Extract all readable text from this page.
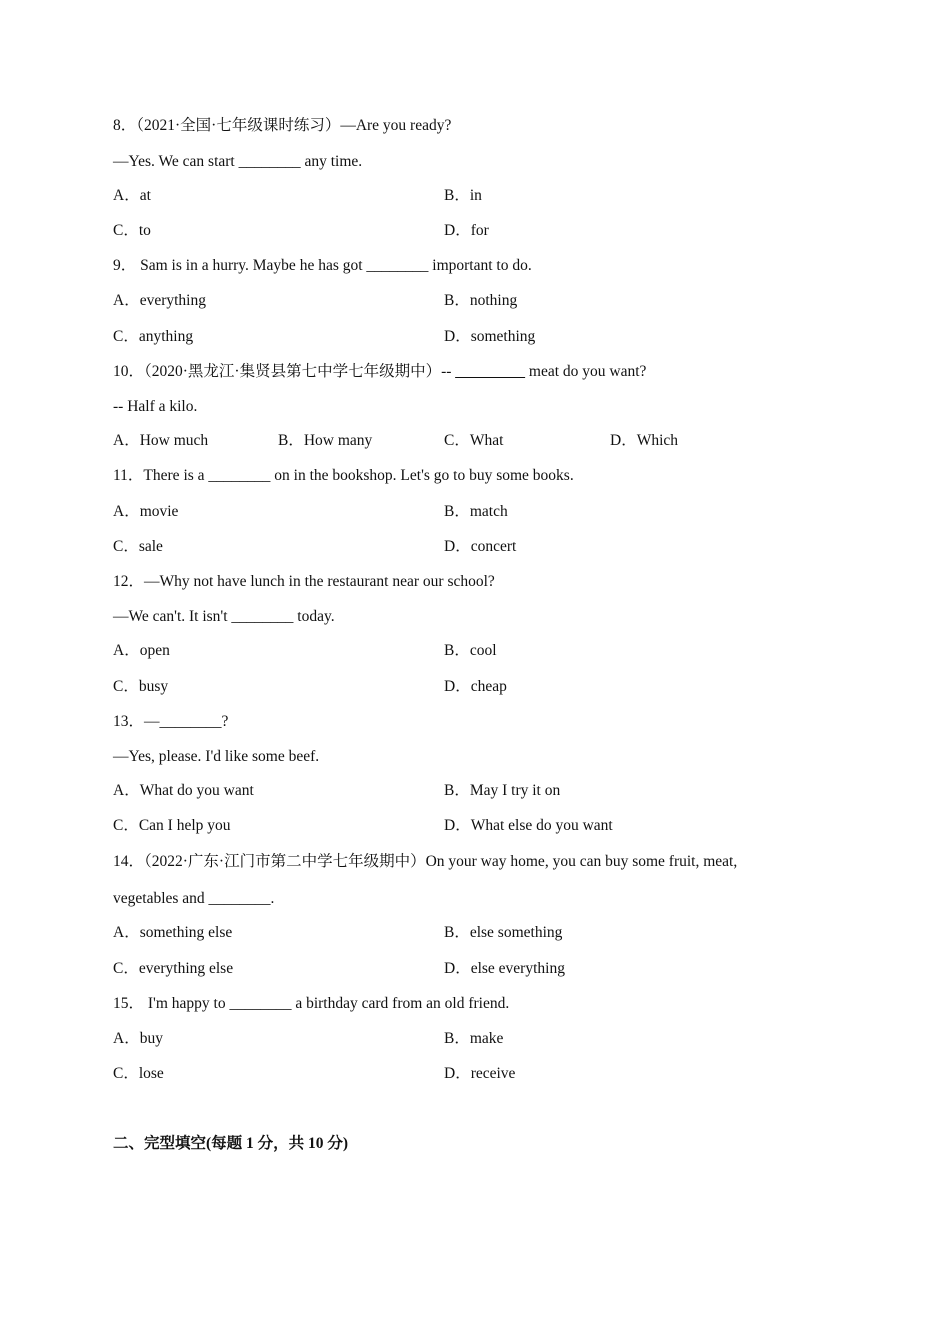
8．（2021·全国·七年级课时练习）—Are you ready?
—Yes. We can start ________ any time.
A．at	B．in
C．to	D．for
9． Sam is in a hurry. Maybe he has got ________ important to do.
A．everything	B．nothing
C．anything	D．something
10．（2020·黑龙江·集贤县第七中学七年级期中）-- _________ meat do you want?
-- Half a kilo.
A．How much	B．How many	C．What	D．Which
11．There is a ________ on in the bookshop. Let's go to buy some books.
A．movie	B．match
C．sale	D．concert
12．—Why not have lunch in the restaurant near our school?
—We can't. It isn't ________ today.
A．open	B．cool
C．busy	D．cheap
13．—________?
—Yes, please. I'd like some beef.
A．What do you want	B．May I try it on
C．Can I help you	D．What else do you want
14．（2022·广东·江门市第二中学七年级期中）On your way home, you can buy some fruit, meat,
vegetables and ________.
A．something else	B．else something
C．everything else	D．else everything
15． I'm happy to ________ a birthday card from an old friend.
A．buy	B．make
C．lose	D．receive
二、完型填空(每题 1 分，共 10 分)
